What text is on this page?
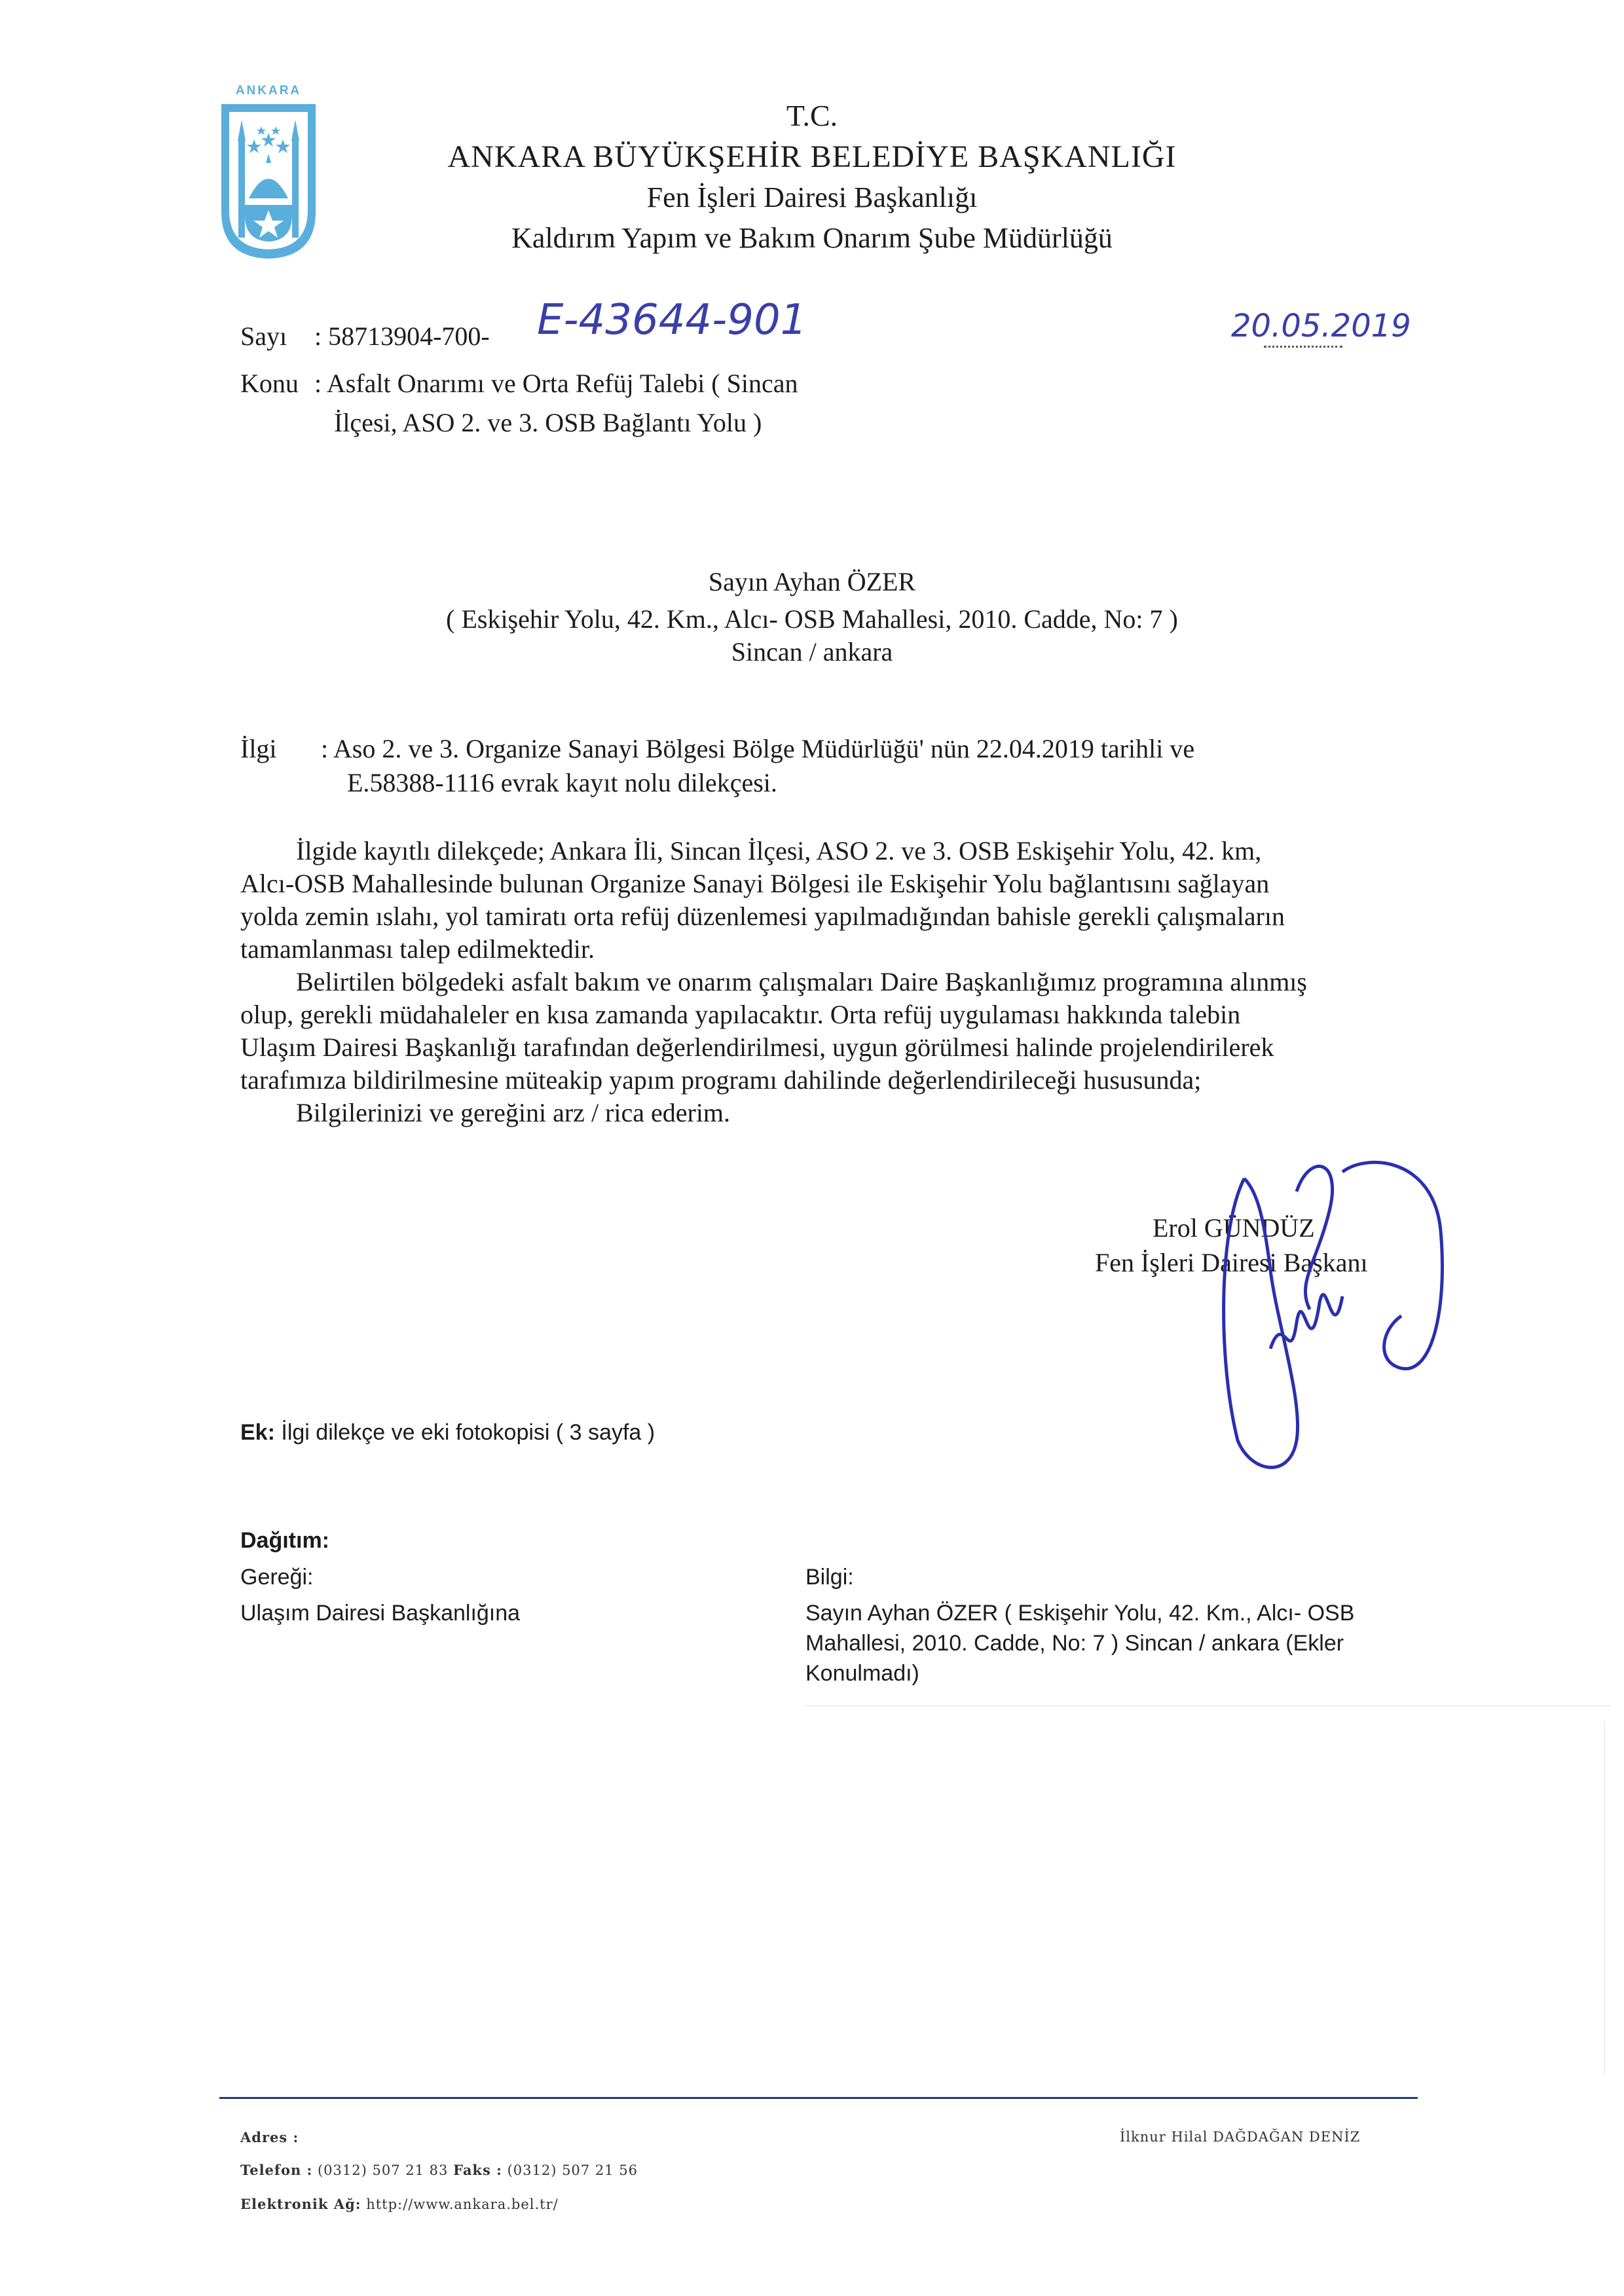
ANKARA
T.C.
ANKARA BÜYÜKŞEHİR BELEDİYE BAŞKANLIĞI
Fen İşleri Dairesi Başkanlığı
Kaldırım Yapım ve Bakım Onarım Şube Müdürlüğü
Sayı : 58713904-700- E-43644-901	20.05.2019
Konu : Asfalt Onarımı ve Orta Refüj Talebi ( Sincan
İlçesi, ASO 2. ve 3. OSB Bağlantı Yolu )
Sayın Ayhan ÖZER
( Eskişehir Yolu, 42. Km., Alcı- OSB Mahallesi, 2010. Cadde, No: 7 )
Sincan / ankara
İlgi : Aso 2. ve 3. Organize Sanayi Bölgesi Bölge Müdürlüğü' nün 22.04.2019 tarihli ve
E.58388-1116 evrak kayıt nolu dilekçesi.
İlgide kayıtlı dilekçede; Ankara İli, Sincan İlçesi, ASO 2. ve 3. OSB Eskişehir Yolu, 42. km,
Alcı-OSB Mahallesinde bulunan Organize Sanayi Bölgesi ile Eskişehir Yolu bağlantısını sağlayan
yolda zemin ıslahı, yol tamiratı orta refüj düzenlemesi yapılmadığından bahisle gerekli çalışmaların
tamamlanması talep edilmektedir.
Belirtilen bölgedeki asfalt bakım ve onarım çalışmaları Daire Başkanlığımız programına alınmış
olup, gerekli müdahaleler en kısa zamanda yapılacaktır. Orta refüj uygulaması hakkında talebin
Ulaşım Dairesi Başkanlığı tarafından değerlendirilmesi, uygun görülmesi halinde projelendirilerek
tarafımıza bildirilmesine müteakip yapım programı dahilinde değerlendirileceği hususunda;
Bilgilerinizi ve gereğini arz / rica ederim.
Erol GÜNDÜZ
Fen İşleri Dairesi Başkanı
Ek: İlgi dilekçe ve eki fotokopisi ( 3 sayfa )
Dağıtım:
Gereği:
Ulaşım Dairesi Başkanlığına
Bilgi:
Sayın Ayhan ÖZER ( Eskişehir Yolu, 42. Km., Alcı- OSB
Mahallesi, 2010. Cadde, No: 7 ) Sincan / ankara (Ekler
Konulmadı)
Adres :
Telefon : (0312) 507 21 83 Faks : (0312) 507 21 56
Elektronik Ağ: http://www.ankara.bel.tr/
İlknur Hilal DAĞDAĞAN DENİZ
